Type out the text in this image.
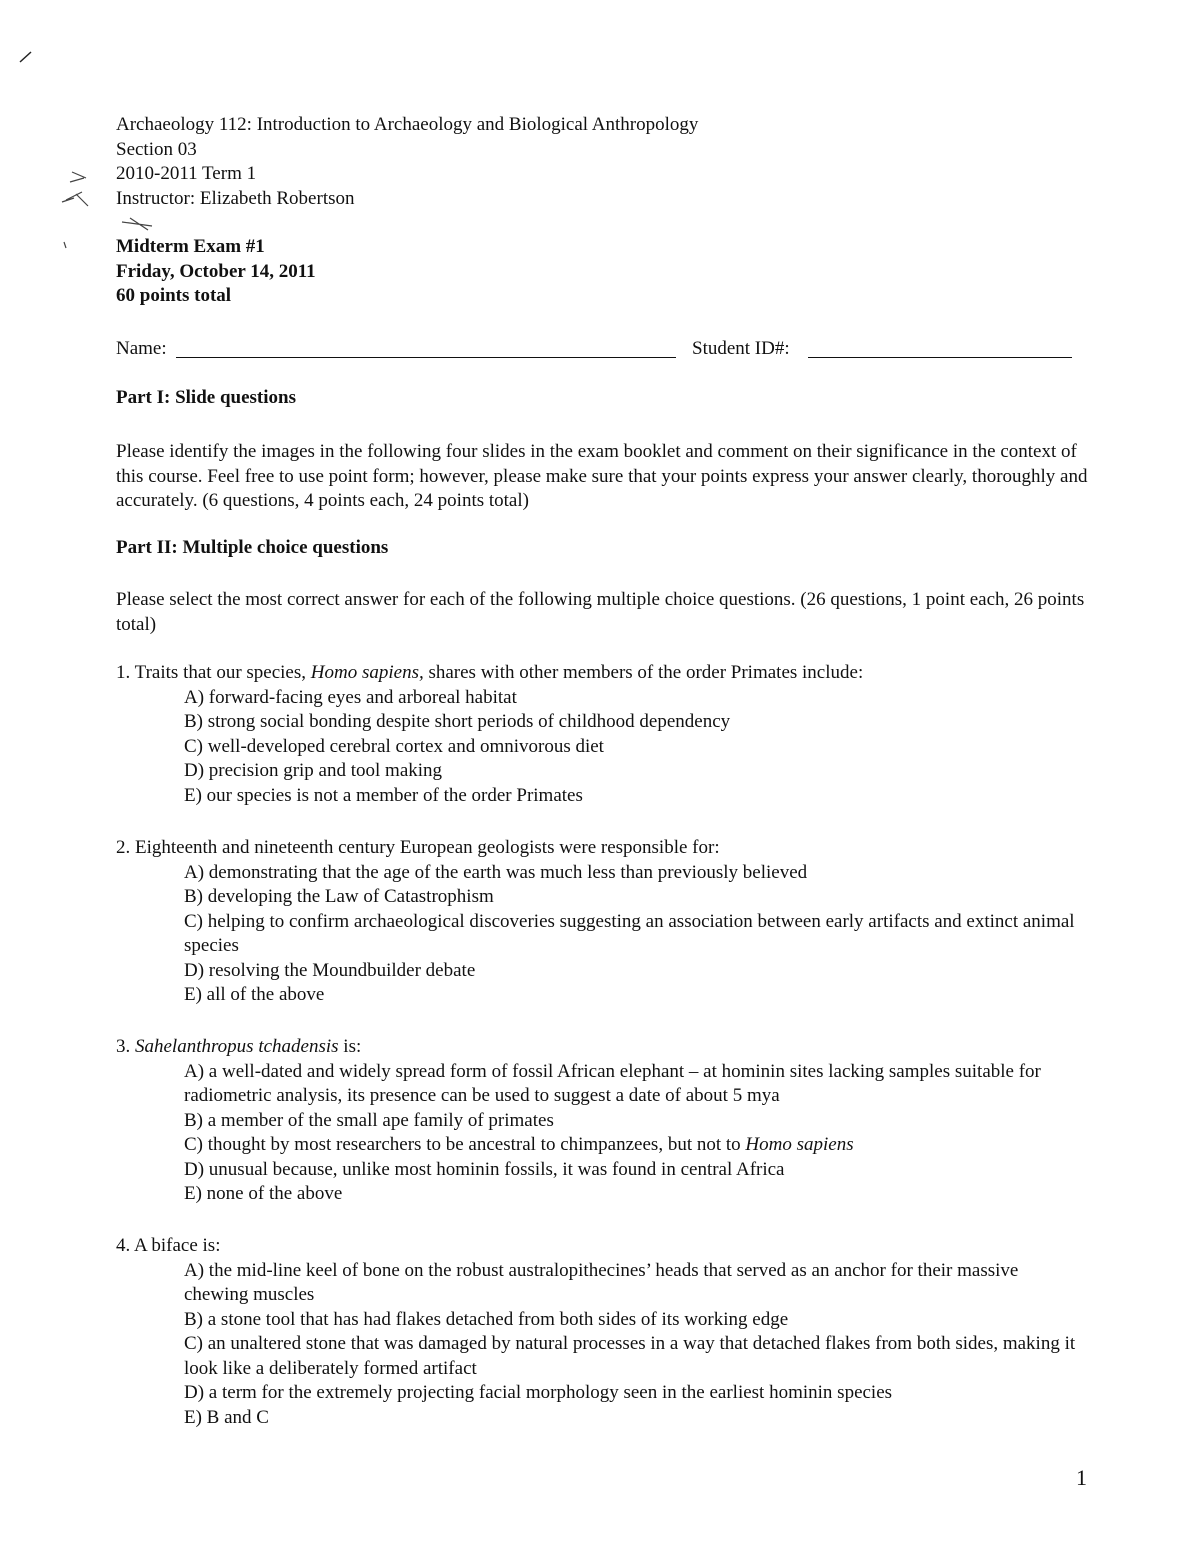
Archaeology 112: Introduction to Archaeology and Biological Anthropology
Section 03
2010-2011 Term 1
Instructor: Elizabeth Robertson
Midterm Exam #1
Friday, October 14, 2011
60 points total
Name:	Student ID#:
Part I: Slide questions
Please identify the images in the following four slides in the exam booklet and comment on their significance in the context of this course. Feel free to use point form; however, please make sure that your points express your answer clearly, thoroughly and accurately. (6 questions, 4 points each, 24 points total)
Part II: Multiple choice questions
Please select the most correct answer for each of the following multiple choice questions. (26 questions, 1 point each, 26 points total)
1. Traits that our species, Homo sapiens, shares with other members of the order Primates include:
A) forward-facing eyes and arboreal habitat
B) strong social bonding despite short periods of childhood dependency
C) well-developed cerebral cortex and omnivorous diet
D) precision grip and tool making
E) our species is not a member of the order Primates
2. Eighteenth and nineteenth century European geologists were responsible for:
A) demonstrating that the age of the earth was much less than previously believed
B) developing the Law of Catastrophism
C) helping to confirm archaeological discoveries suggesting an association between early artifacts and extinct animal species
D) resolving the Moundbuilder debate
E) all of the above
3. Sahelanthropus tchadensis is:
A) a well-dated and widely spread form of fossil African elephant – at hominin sites lacking samples suitable for radiometric analysis, its presence can be used to suggest a date of about 5 mya
B) a member of the small ape family of primates
C) thought by most researchers to be ancestral to chimpanzees, but not to Homo sapiens
D) unusual because, unlike most hominin fossils, it was found in central Africa
E) none of the above
4. A biface is:
A) the mid-line keel of bone on the robust australopithecines’ heads that served as an anchor for their massive chewing muscles
B) a stone tool that has had flakes detached from both sides of its working edge
C) an unaltered stone that was damaged by natural processes in a way that detached flakes from both sides, making it look like a deliberately formed artifact
D) a term for the extremely projecting facial morphology seen in the earliest hominin species
E) B and C
1
